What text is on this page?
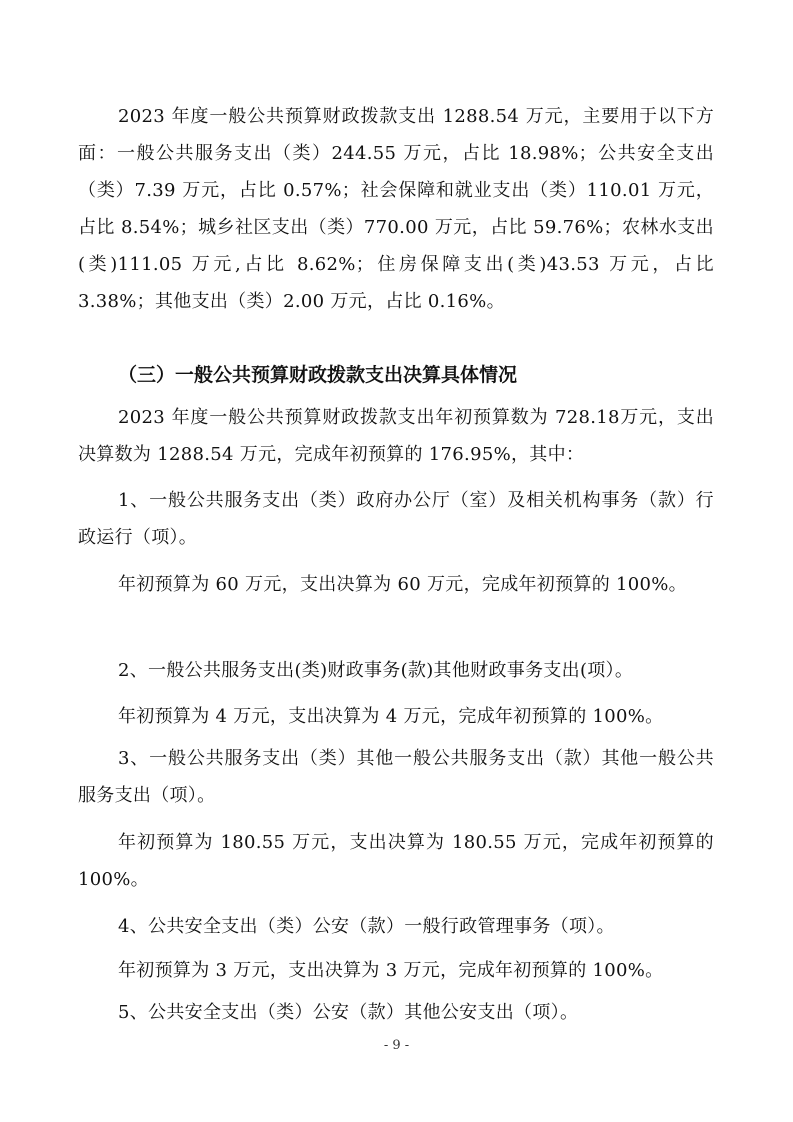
2023 年度一般公共预算财政拨款支出 1288.54 万元，主要用于以下方面：一般公共服务支出（类）244.55 万元，占比 18.98%；公共安全支出（类）7.39 万元，占比 0.57%；社会保障和就业支出（类）110.01 万元，占比 8.54%；城乡社区支出（类）770.00 万元，占比 59.76%；农林水支出(类)111.05 万元,占比 8.62%；住房保障支出(类)43.53 万元，占比 3.38%；其他支出（类）2.00 万元，占比 0.16%。

（三）一般公共预算财政拨款支出决算具体情况

2023 年度一般公共预算财政拨款支出年初预算数为 728.18万元，支出决算数为 1288.54 万元，完成年初预算的 176.95%，其中：

1、一般公共服务支出（类）政府办公厅（室）及相关机构事务（款）行政运行（项）。

年初预算为 60 万元，支出决算为 60 万元，完成年初预算的 100%。

2、一般公共服务支出(类)财政事务(款)其他财政事务支出(项）。

年初预算为 4 万元，支出决算为 4 万元，完成年初预算的 100%。

3、一般公共服务支出（类）其他一般公共服务支出（款）其他一般公共服务支出（项）。

年初预算为 180.55 万元，支出决算为 180.55 万元，完成年初预算的 100%。

4、公共安全支出（类）公安（款）一般行政管理事务（项）。

年初预算为 3 万元，支出决算为 3 万元，完成年初预算的 100%。

5、公共安全支出（类）公安（款）其他公安支出（项）。

- 9 -
